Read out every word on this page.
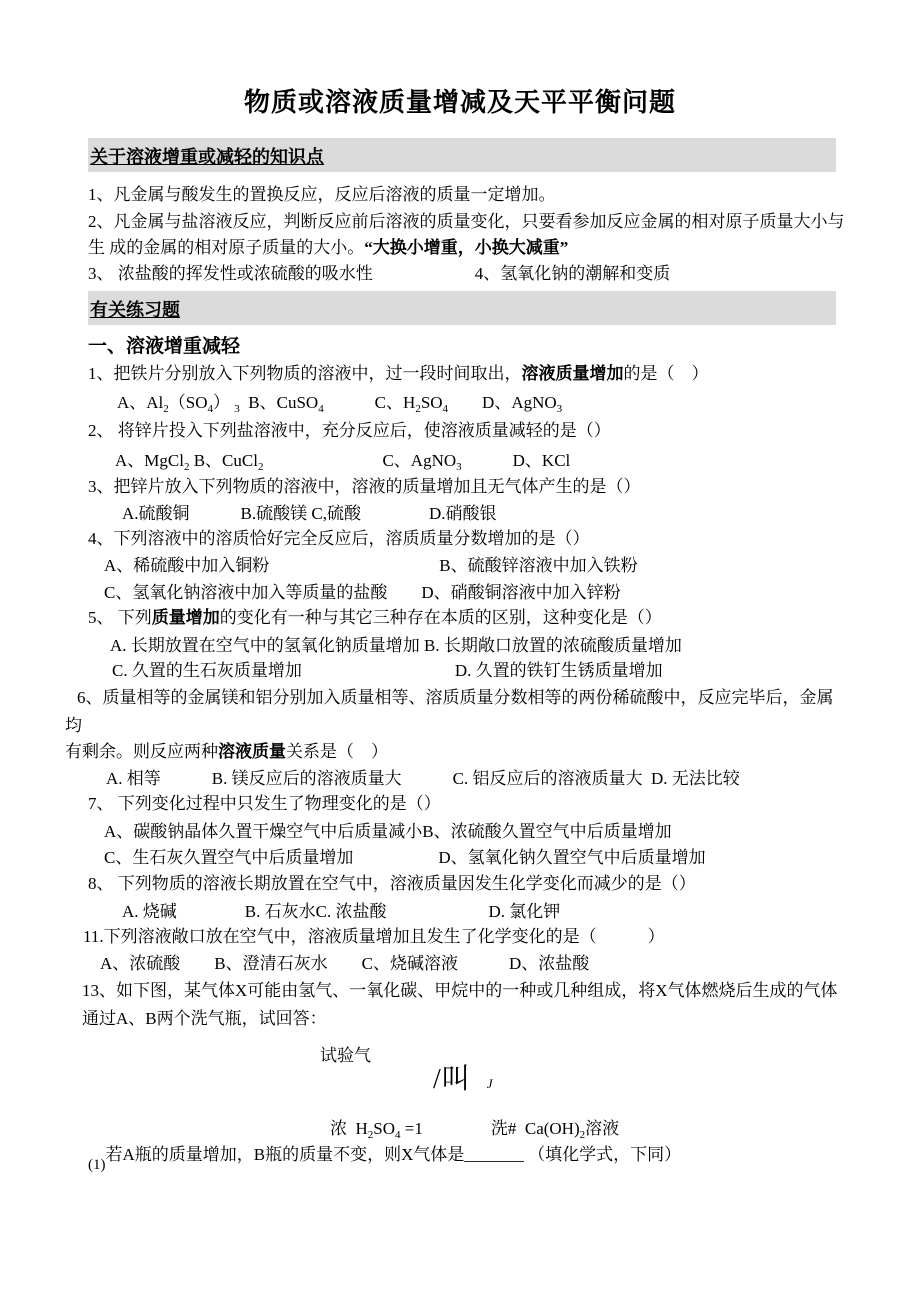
物质或溶液质量增减及天平平衡问题
关于溶液增重或减轻的知识点
1、凡金属与酸发生的置换反应，反应后溶液的质量一定增加。
2、凡金属与盐溶液反应，判断反应前后溶液的质量变化，只要看参加反应金属的相对原子质量大小与
生 成的金属的相对原子质量的大小。“大换小增重，小换大减重”
3、 浓盐酸的挥发性或浓硫酸的吸水性　　　　　　4、氢氧化钠的潮解和变质
有关练习题
一、溶液增重减轻
1、把铁片分别放入下列物质的溶液中，过一段时间取出，溶液质量增加的是（　）
A、$Al_2(SO_4)$ $_3$  B、CuSO$_4$　　　C、$H_2SO_4$　　D、AgNO$_3$
2、 将锌片投入下列盐溶液中，充分反应后，使溶液质量减轻的是（）
A、MgCl$_2$ B、CuCl$_2$　　　　　　　C、AgNO$_3$　　　D、KCl
3、把锌片放入下列物质的溶液中，溶液的质量增加且无气体产生的是（）
A.硫酸铜　　　B.硫酸镁 C,硫酸　　　　D.硝酸银
4、下列溶液中的溶质恰好完全反应后，溶质质量分数增加的是（）
A、稀硫酸中加入铜粉　　　　　　　　　　B、硫酸锌溶液中加入铁粉
C、氢氧化钠溶液中加入等质量的盐酸　　D、硝酸铜溶液中加入锌粉
5、 下列质量增加的变化有一种与其它三种存在本质的区别，这种变化是（）
A. 长期放置在空气中的氢氧化钠质量增加 B. 长期敞口放置的浓硫酸质量增加
C. 久置的生石灰质量增加　　　　　　　　　D. 久置的铁钉生锈质量增加
6、质量相等的金属镁和铝分别加入质量相等、溶质质量分数相等的两份稀硫酸中，反应完毕后，金属
均
有剩余。则反应两种溶液质量关系是（　）
A. 相等　　　B. 镁反应后的溶液质量大　　　C. 铝反应后的溶液质量大  D. 无法比较
7、 下列变化过程中只发生了物理变化的是（）
A、碳酸钠晶体久置干燥空气中后质量减小B、浓硫酸久置空气中后质量增加
C、生石灰久置空气中后质量增加　　　　　D、氢氧化钠久置空气中后质量增加
8、 下列物质的溶液长期放置在空气中，溶液质量因发生化学变化而减少的是（）
A. 烧碱　　　　B. 石灰水C. 浓盐酸　　　　　　D. 氯化钾
11.下列溶液敞口放在空气中，溶液质量增加且发生了化学变化的是（　　　）
A、浓硫酸　　B、澄清石灰水　　C、烧碱溶液　　　D、浓盐酸
13、如下图，某气体X可能由氢气、一氧化碳、甲烷中的一种或几种组成，将X气体燃烧后生成的气体
通过A、B两个洗气瓶，试回答：
试验气
/叫 J
浓  $H_2SO_4 =1$　　　　洗#  $Ca(OH)_2$溶液
(1)若A瓶的质量增加，B瓶的质量不变，则X气体是_______ （填化学式，下同）
